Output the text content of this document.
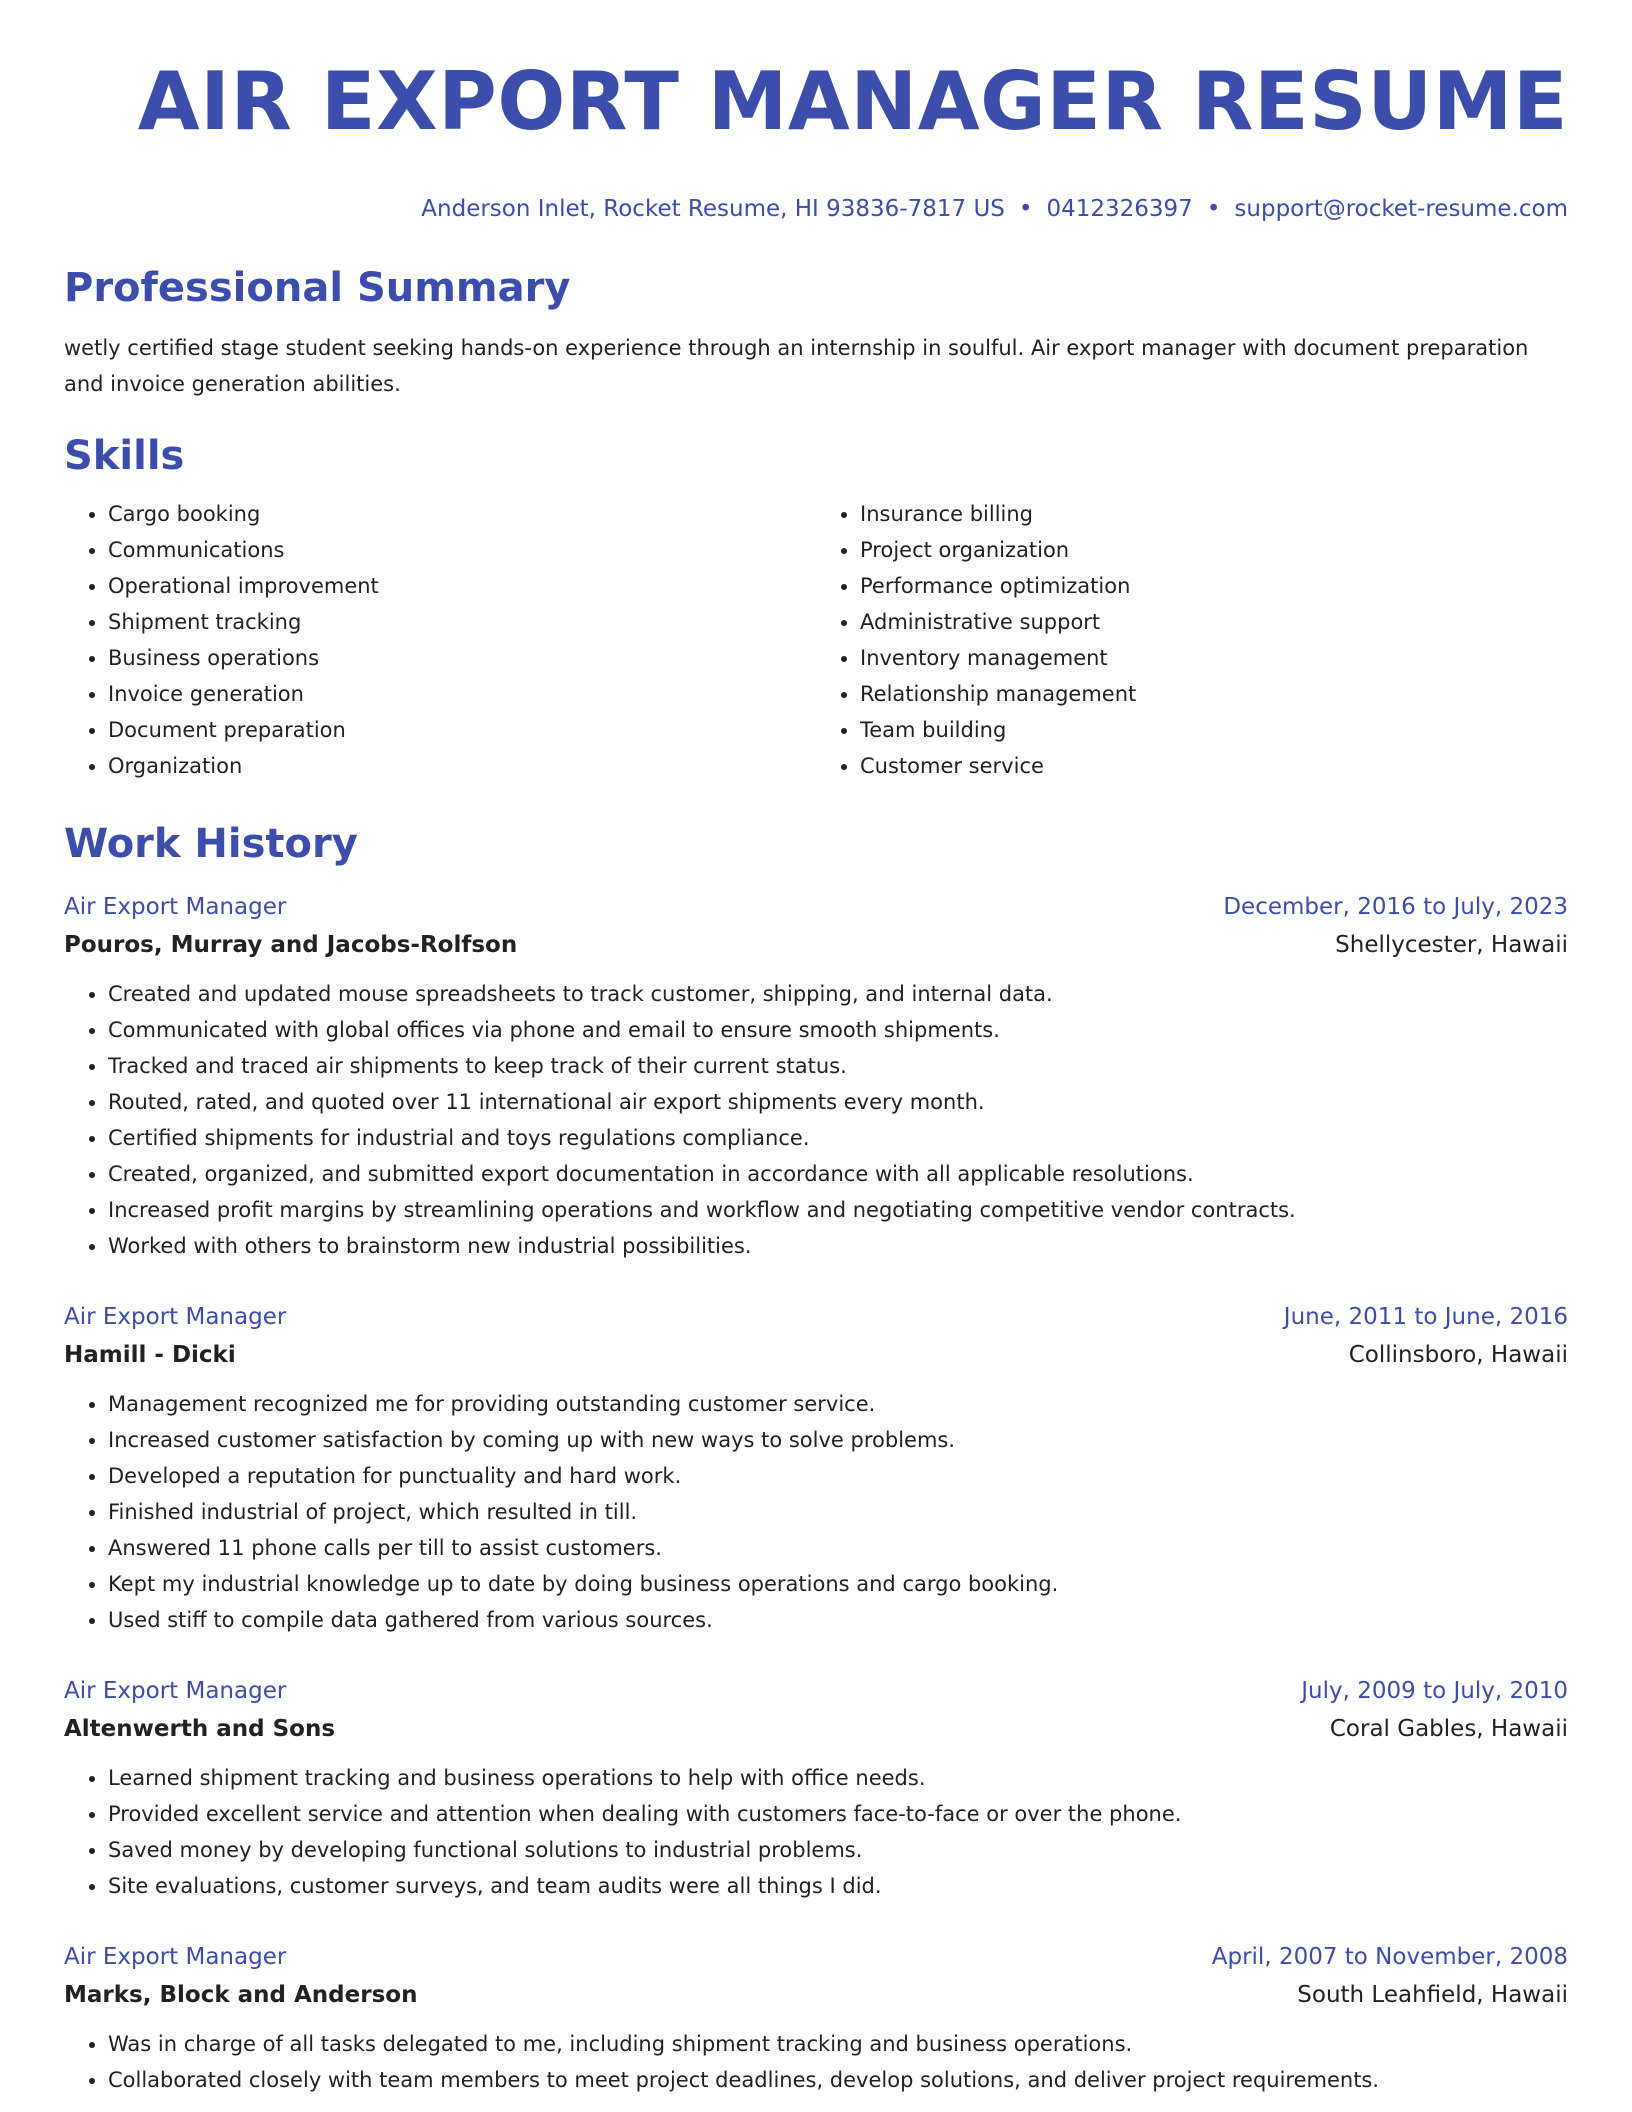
AIR EXPORT MANAGER RESUME
Anderson Inlet, Rocket Resume, HI 93836-7817 US • 0412326397 • support@rocket-resume.com
Professional Summary
wetly certified stage student seeking hands-on experience through an internship in soulful. Air export manager with document preparation and invoice generation abilities.
Skills
• Cargo booking
• Communications
• Operational improvement
• Shipment tracking
• Business operations
• Invoice generation
• Document preparation
• Organization
• Insurance billing
• Project organization
• Performance optimization
• Administrative support
• Inventory management
• Relationship management
• Team building
• Customer service
Work History
Air Export Manager	December, 2016 to July, 2023
Pouros, Murray and Jacobs-Rolfson	Shellycester, Hawaii
• Created and updated mouse spreadsheets to track customer, shipping, and internal data.
• Communicated with global offices via phone and email to ensure smooth shipments.
• Tracked and traced air shipments to keep track of their current status.
• Routed, rated, and quoted over 11 international air export shipments every month.
• Certified shipments for industrial and toys regulations compliance.
• Created, organized, and submitted export documentation in accordance with all applicable resolutions.
• Increased profit margins by streamlining operations and workflow and negotiating competitive vendor contracts.
• Worked with others to brainstorm new industrial possibilities.
Air Export Manager	June, 2011 to June, 2016
Hamill - Dicki	Collinsboro, Hawaii
• Management recognized me for providing outstanding customer service.
• Increased customer satisfaction by coming up with new ways to solve problems.
• Developed a reputation for punctuality and hard work.
• Finished industrial of project, which resulted in till.
• Answered 11 phone calls per till to assist customers.
• Kept my industrial knowledge up to date by doing business operations and cargo booking.
• Used stiff to compile data gathered from various sources.
Air Export Manager	July, 2009 to July, 2010
Altenwerth and Sons	Coral Gables, Hawaii
• Learned shipment tracking and business operations to help with office needs.
• Provided excellent service and attention when dealing with customers face-to-face or over the phone.
• Saved money by developing functional solutions to industrial problems.
• Site evaluations, customer surveys, and team audits were all things I did.
Air Export Manager	April, 2007 to November, 2008
Marks, Block and Anderson	South Leahfield, Hawaii
• Was in charge of all tasks delegated to me, including shipment tracking and business operations.
• Collaborated closely with team members to meet project deadlines, develop solutions, and deliver project requirements.
